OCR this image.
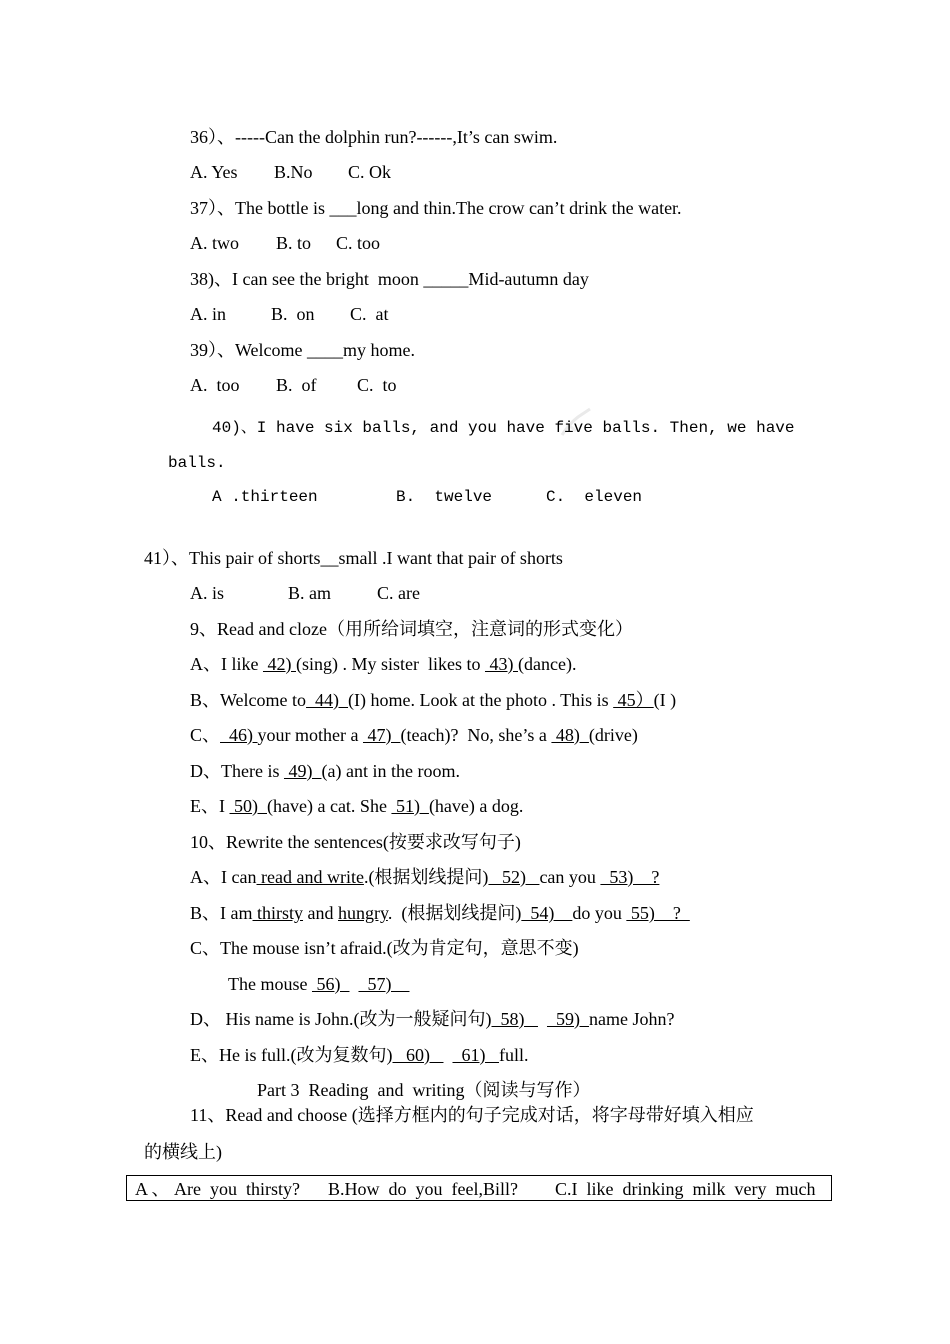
36）、-----Can the dolphin run?------,It’s can swim.
A. Yes B.No C. Ok
37）、The bottle is ___long and thin.The crow can’t drink the water.
A. two B. to C. too
38)、I can see the bright  moon _____Mid-autumn day
A. in	B.  on C.  at
39）、Welcome ____my home.
A.  too B.  of C.  to
40)、I have six balls, and you have five balls. Then, we have
balls.
A .thirteen	B.  twelve	C.  eleven
41）、This pair of shorts__small .I want that pair of shorts
A. is	B. am	C. are
9、Read and cloze（用所给词填空，注意词的形式变化）
A、I like  42) (sing) . My sister  likes to  43) (dance).
B、Welcome to  44)  (I) home. Look at the photo . This is  45）(I )
C、  46) your mother a  47)  (teach)?  No, she’s a  48)  (drive)
D、There is  49)  (a) ant in the room.
E、I  50)  (have) a cat. She  51)  (have) a dog.
10、Rewrite the sentences(按要求改写句子)
A、I can read and write.(根据划线提问)   52)   can you   53)    ?
B、I am thirsty and hungry.  (根据划线提问)  54)    do you  55)    ?
C、The mouse isn’t afraid.(改为肯定句，意思不变)
The mouse  56)      57)
D、 His name is John.(改为一般疑问句)  58)       59)  name John?
E、He is full.(改为复数句)   60)       61)   full.
Part 3  Reading  and  writing（阅读与写作）
11、Read and choose (选择方框内的句子完成对话，将字母带好填入相应
的横线上)
A 、 Are  you  thirsty? B.How  do  you  feel,Bill? C.I  like  drinking  milk  very  much
